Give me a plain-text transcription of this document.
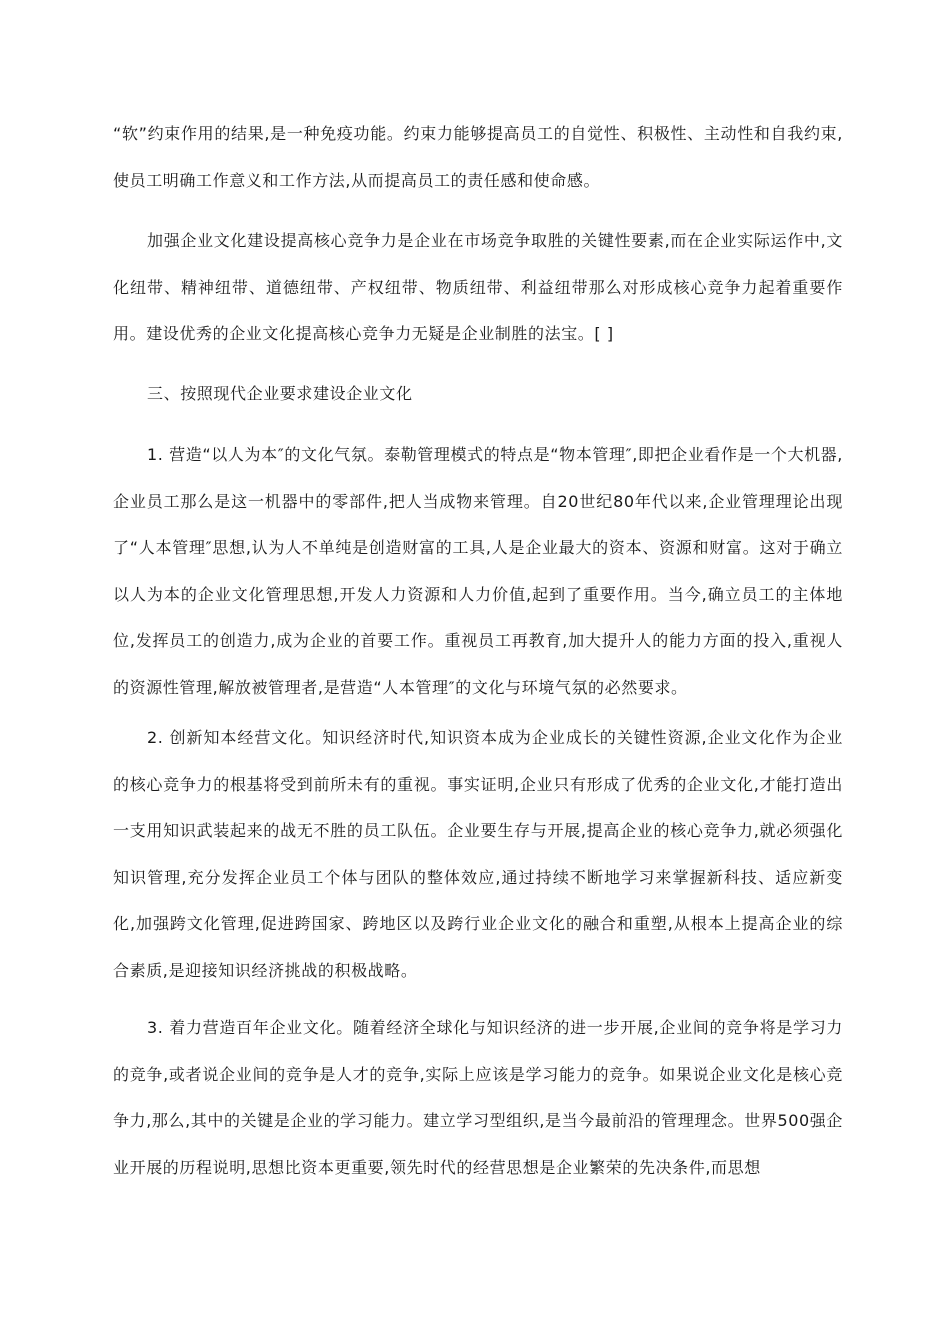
“软”约束作用的结果,是一种免疫功能。约束力能够提高员工的自觉性、积极性、主动性和自我约束,使员工明确工作意义和工作方法,从而提高员工的责任感和使命感。

加强企业文化建设提高核心竞争力是企业在市场竞争取胜的关键性要素,而在企业实际运作中,文化纽带、精神纽带、道德纽带、产权纽带、物质纽带、利益纽带那么对形成核心竞争力起着重要作用。建设优秀的企业文化提高核心竞争力无疑是企业制胜的法宝。[ ]

三、按照现代企业要求建设企业文化

1. 营造“以人为本″的文化气氛。泰勒管理模式的特点是“物本管理″,即把企业看作是一个大机器,企业员工那么是这一机器中的零部件,把人当成物来管理。自20世纪80年代以来,企业管理理论出现了“人本管理″思想,认为人不单纯是创造财富的工具,人是企业最大的资本、资源和财富。这对于确立以人为本的企业文化管理思想,开发人力资源和人力价值,起到了重要作用。当今,确立员工的主体地位,发挥员工的创造力,成为企业的首要工作。重视员工再教育,加大提升人的能力方面的投入,重视人的资源性管理,解放被管理者,是营造“人本管理″的文化与环境气氛的必然要求。

2. 创新知本经营文化。知识经济时代,知识资本成为企业成长的关键性资源,企业文化作为企业的核心竞争力的根基将受到前所未有的重视。事实证明,企业只有形成了优秀的企业文化,才能打造出一支用知识武装起来的战无不胜的员工队伍。企业要生存与开展,提高企业的核心竞争力,就必须强化知识管理,充分发挥企业员工个体与团队的整体效应,通过持续不断地学习来掌握新科技、适应新变化,加强跨文化管理,促进跨国家、跨地区以及跨行业企业文化的融合和重塑,从根本上提高企业的综合素质,是迎接知识经济挑战的积极战略。

3. 着力营造百年企业文化。随着经济全球化与知识经济的进一步开展,企业间的竞争将是学习力的竞争,或者说企业间的竞争是人才的竞争,实际上应该是学习能力的竞争。如果说企业文化是核心竞争力,那么,其中的关键是企业的学习能力。建立学习型组织,是当今最前沿的管理理念。世界500强企业开展的历程说明,思想比资本更重要,领先时代的经营思想是企业繁荣的先决条件,而思想
